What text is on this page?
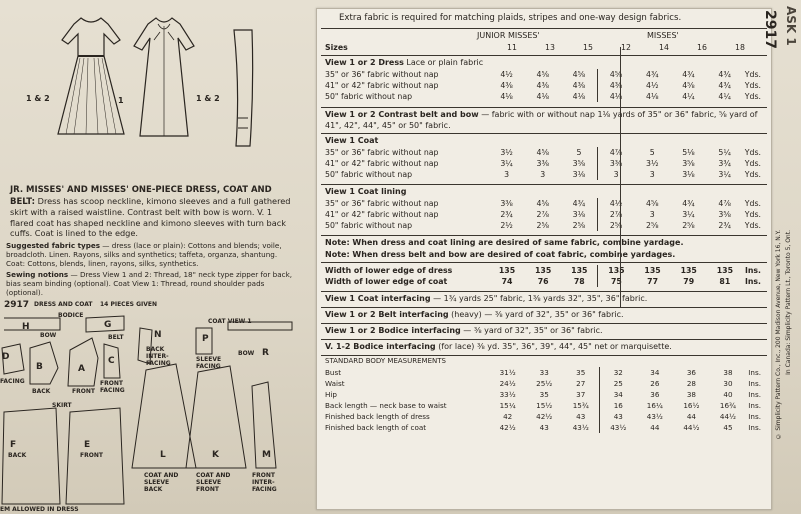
1 & 2	1	1 & 2
JR. MISSES' AND MISSES' ONE-PIECE DRESS, COAT AND BELT: Dress has scoop neckline, kimono sleeves and a full gathered skirt with a raised waistline. Contrast belt with bow is worn. V. 1 flared coat has shaped neckline and kimono sleeves with turn back cuffs. Coat is lined to the edge.
Suggested fabric types — dress (lace or plain): Cottons and blends; voile, broadcloth. Linen. Rayons, silks and synthetics; taffeta, organza, shantung. Coat: Cottons, blends, linen, rayons, silks, synthetics.
Sewing notions — Dress View 1 and 2: Thread, 18" neck type zipper for back, bias seam binding (optional). Coat View 1: Thread, round shoulder pads (optional).
2917 DRESS AND COAT 14 PIECES GIVEN
BODICE
COAT VIEW 1
SKIRT
H
BOW
G
BELT
D
FACING
B
BACK
A
FRONT
C
FRONT FACING
N
BACK INTER- FACING
P
SLEEVE FACING
R
BOW
F
BACK
E
FRONT	L
COAT AND SLEEVE BACK
K
COAT AND SLEEVE FRONT
M
FRONT INTER- FACING
EM ALLOWED IN DRESS
Extra fabric is required for matching plaids, stripes and one-way design fabrics.
JUNIOR MISSES'	MISSES'
Sizes	11	13	15	12	14	16	18	
View 1 or 2 Dress Lace or plain fabric
35" or 36" fabric without nap	4½	4⅝	4⅝	4⅝	4¾	4¾	4¾	Yds.
41" or 42" fabric without nap	4⅜	4⅜	4⅜	4⅜	4½	4⅝	4¾	Yds.
50" fabric without nap	4⅛	4⅛	4⅛	4⅛	4⅛	4¼	4¼	Yds.
View 1 or 2 Contrast belt and bow — fabric with or without nap 1⅛ yards of 35" or 36" fabric, ⅝ yard of 41", 42", 44", 45" or 50" fabric.
View 1 Coat
35" or 36" fabric without nap	3½	4⅝	5	4⅞	5	5⅛	5¼	Yds.
41" or 42" fabric without nap	3¼	3⅜	3⅝	3⅜	3½	3⅝	3¾	Yds.
50" fabric without nap	3	3	3⅛	3	3	3⅛	3¼	Yds.
View 1 Coat lining
35" or 36" fabric without nap	3⅜	4⅝	4¾	4½	4⅝	4¾	4⅞	Yds.
41" or 42" fabric without nap	2¾	2⅞	3⅛	2⅞	3	3¼	3⅝	Yds.
50" fabric without nap	2½	2⅝	2⅝	2⅝	2⅝	2⅝	2¾	Yds.
Note: When dress and coat lining are desired of same fabric, combine yardage.
Note: When dress belt and bow are desired of coat fabric, combine yardages.
Width of lower edge of dress	135	135	135	135	135	135	135	Ins.
Width of lower edge of coat	74	76	78	75	77	79	81	Ins.
View 1 Coat interfacing — 1¾ yards 25" fabric, 1⅜ yards 32", 35", 36" fabric.
View 1 or 2 Belt interfacing (heavy) — ⅜ yard of 32", 35" or 36" fabric.
View 1 or 2 Bodice interfacing — ⅜ yard of 32", 35" or 36" fabric.
V. 1-2 Bodice interfacing (for lace) ⅜ yd. 35", 36", 39", 44", 45" net or marquisette.
STANDARD BODY MEASUREMENTS
Bust	31½	33	35	32	34	36	38	Ins.
Waist	24½	25½	27	25	26	28	30	Ins.
Hip	33½	35	37	34	36	38	40	Ins.
Back length — neck base to waist	15¼	15½	15¾	16	16¼	16½	16¾	Ins.
Finished back length of dress	42	42½	43	43	43½	44	44½	Ins.
Finished back length of coat	42½	43	43½	43½	44	44½	45	Ins.
2917 ASK 1
© Simplicity Pattern Co., Inc., 200 Madison Avenue, New York 16, N.Y. In Canada: Simplicity Pattern Lt., Toronto 5, Ont.
